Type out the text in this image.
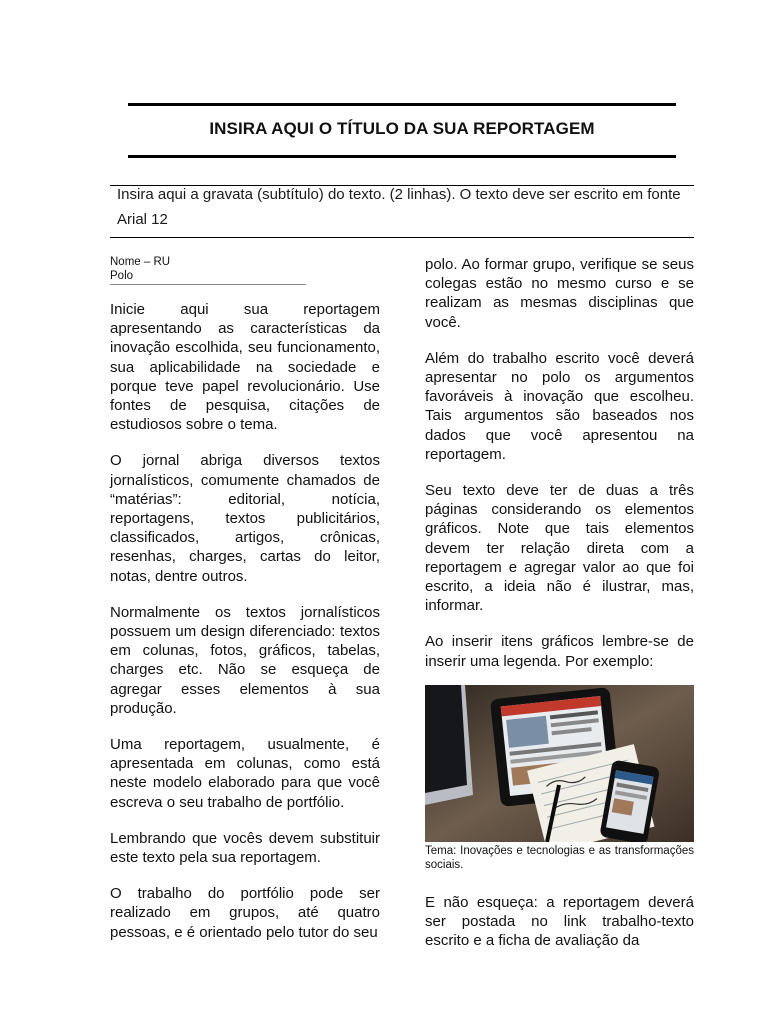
INSIRA AQUI O TÍTULO DA SUA REPORTAGEM
Insira aqui a gravata (subtítulo) do texto. (2 linhas). O texto deve ser escrito em fonte Arial 12
Nome – RU
Polo

Inicie aqui sua reportagem apresentando as características da inovação escolhida, seu funcionamento, sua aplicabilidade na sociedade e porque teve papel revolucionário. Use fontes de pesquisa, citações de estudiosos sobre o tema.

O jornal abriga diversos textos jornalísticos, comumente chamados de “matérias”: editorial, notícia, reportagens, textos publicitários, classificados, artigos, crônicas, resenhas, charges, cartas do leitor, notas, dentre outros.

Normalmente os textos jornalísticos possuem um design diferenciado: textos em colunas, fotos, gráficos, tabelas, charges etc. Não se esqueça de agregar esses elementos à sua produção.

Uma reportagem, usualmente, é apresentada em colunas, como está neste modelo elaborado para que você escreva o seu trabalho de portfólio.

Lembrando que vocês devem substituir este texto pela sua reportagem.

O trabalho do portfólio pode ser realizado em grupos, até quatro pessoas, e é orientado pelo tutor do seu

polo. Ao formar grupo, verifique se seus colegas estão no mesmo curso e se realizam as mesmas disciplinas que você.

Além do trabalho escrito você deverá apresentar no polo os argumentos favoráveis à inovação que escolheu. Tais argumentos são baseados nos dados que você apresentou na reportagem.

Seu texto deve ter de duas a três páginas considerando os elementos gráficos. Note que tais elementos devem ter relação direta com a reportagem e agregar valor ao que foi escrito, a ideia não é ilustrar, mas, informar.

Ao inserir itens gráficos lembre-se de inserir uma legenda. Por exemplo:

Tema: Inovações e tecnologias e as transformações sociais.

E não esqueça: a reportagem deverá ser postada no link trabalho-texto escrito e a ficha de avaliação da
